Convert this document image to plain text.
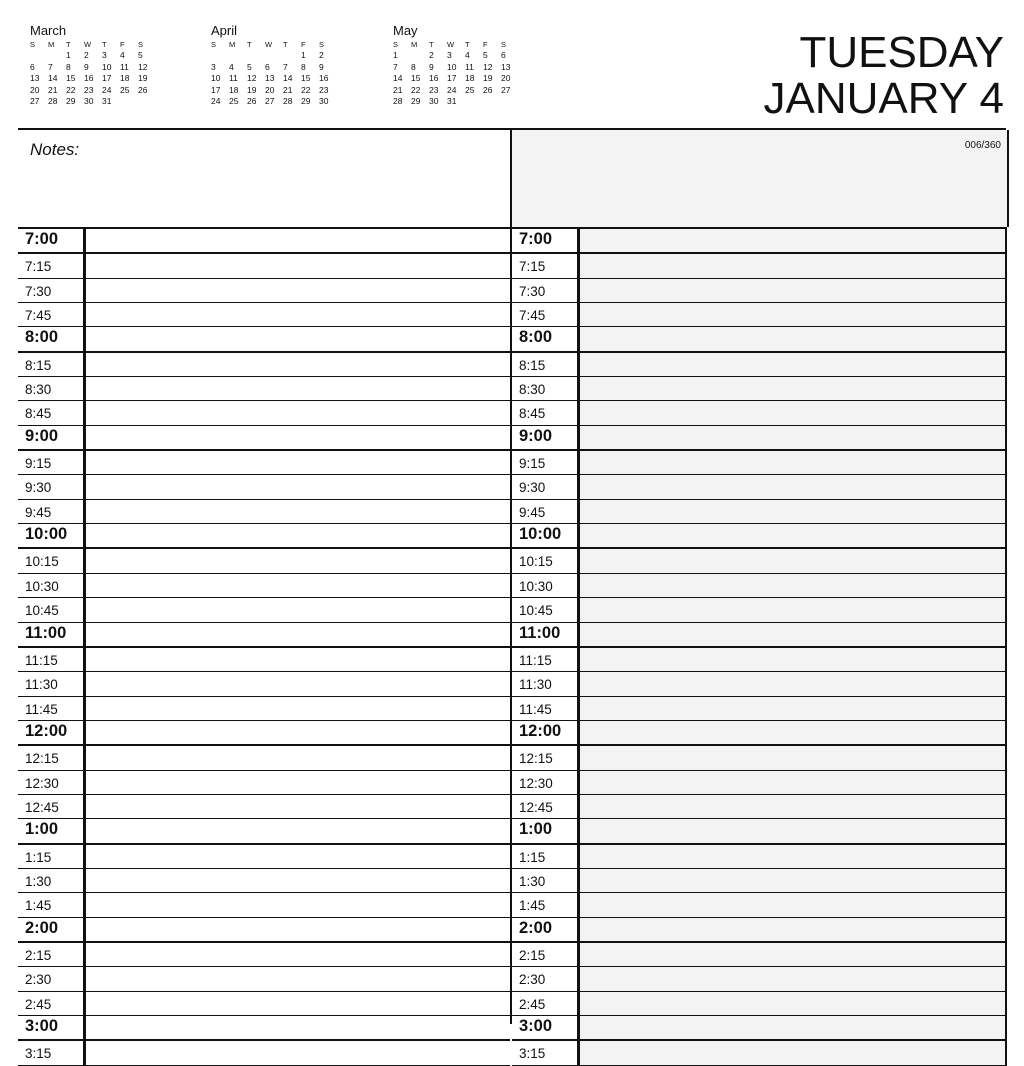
March
S	M	T	W	T	F	S
		1	2	3	4	5
6	7	8	9	10	11	12
13	14	15	16	17	18	19
20	21	22	23	24	25	26
27	28	29	30	31		
April
S	M	T	W	T	F	S
					1	2
3	4	5	6	7	8	9
10	11	12	13	14	15	16
17	18	19	20	21	22	23
24	25	26	27	28	29	30
May
S	M	T	W	T	F	S
1		2	3	4	5	6
7	8	9	10	11	12	13
14	15	16	17	18	19	20
21	22	23	24	25	26	27
28	29	30	31			
TUESDAY
JANUARY 4
Notes:	006/360
7:00
7:15
7:30
7:45
8:00
8:15
8:30
8:45
9:00
9:15
9:30
9:45
10:00
10:15
10:30
10:45
11:00
11:15
11:30
11:45
12:00
12:15
12:30
12:45
1:00
1:15
1:30
1:45
2:00
2:15
2:30
2:45
3:00
3:15
7:00
7:15
7:30
7:45
8:00
8:15
8:30
8:45
9:00
9:15
9:30
9:45
10:00
10:15
10:30
10:45
11:00
11:15
11:30
11:45
12:00
12:15
12:30
12:45
1:00
1:15
1:30
1:45
2:00
2:15
2:30
2:45
3:00
3:15
